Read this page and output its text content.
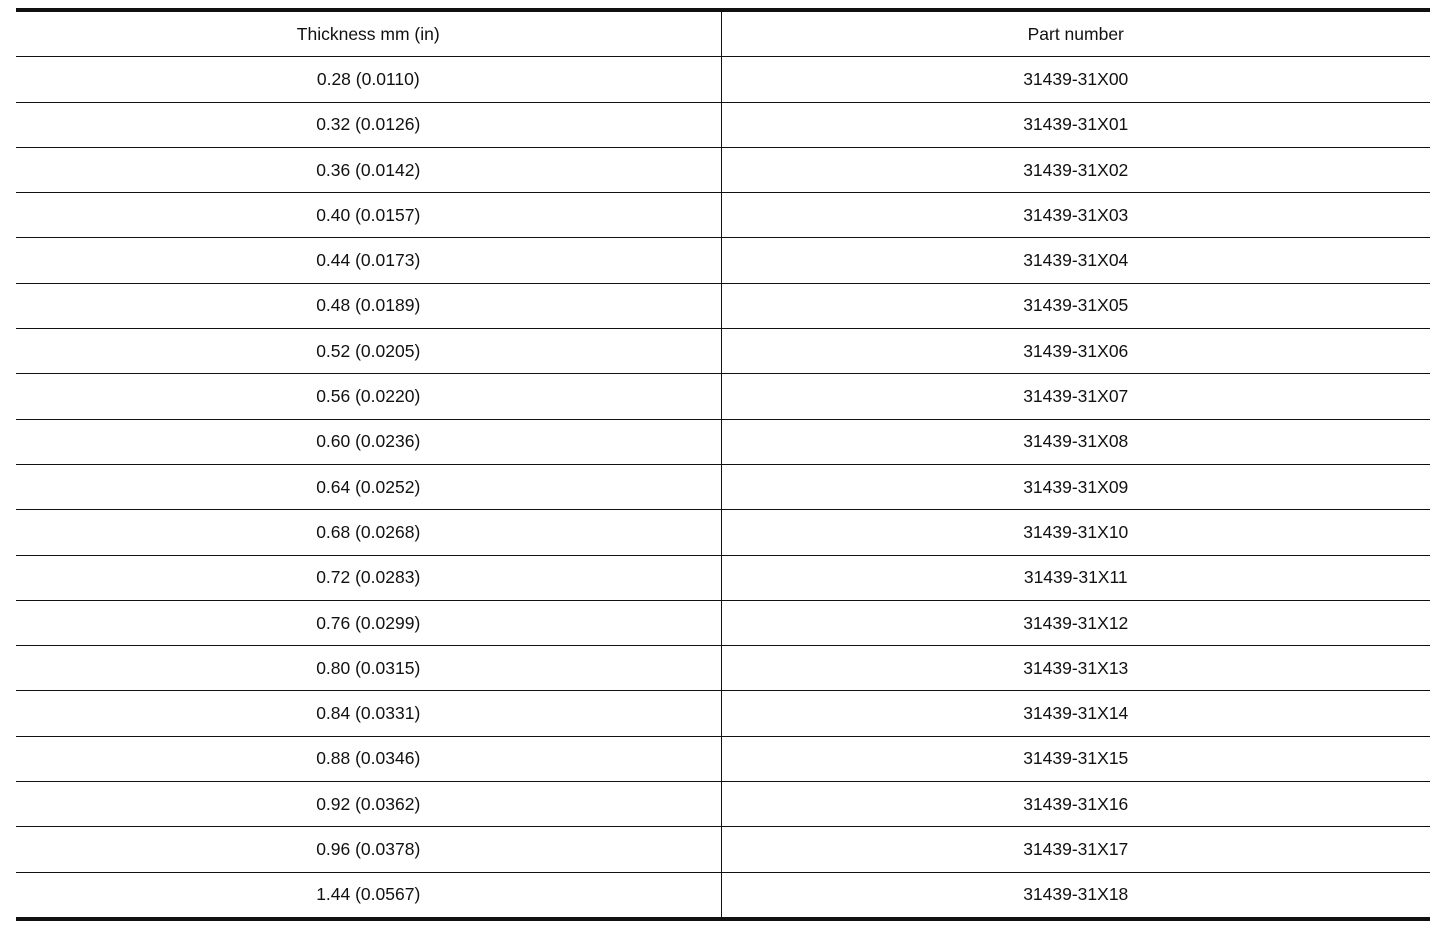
Thickness mm (in)	Part number
0.28 (0.0110)	31439-31X00
0.32 (0.0126)	31439-31X01
0.36 (0.0142)	31439-31X02
0.40 (0.0157)	31439-31X03
0.44 (0.0173)	31439-31X04
0.48 (0.0189)	31439-31X05
0.52 (0.0205)	31439-31X06
0.56 (0.0220)	31439-31X07
0.60 (0.0236)	31439-31X08
0.64 (0.0252)	31439-31X09
0.68 (0.0268)	31439-31X10
0.72 (0.0283)	31439-31X11
0.76 (0.0299)	31439-31X12
0.80 (0.0315)	31439-31X13
0.84 (0.0331)	31439-31X14
0.88 (0.0346)	31439-31X15
0.92 (0.0362)	31439-31X16
0.96 (0.0378)	31439-31X17
1.44 (0.0567)	31439-31X18
